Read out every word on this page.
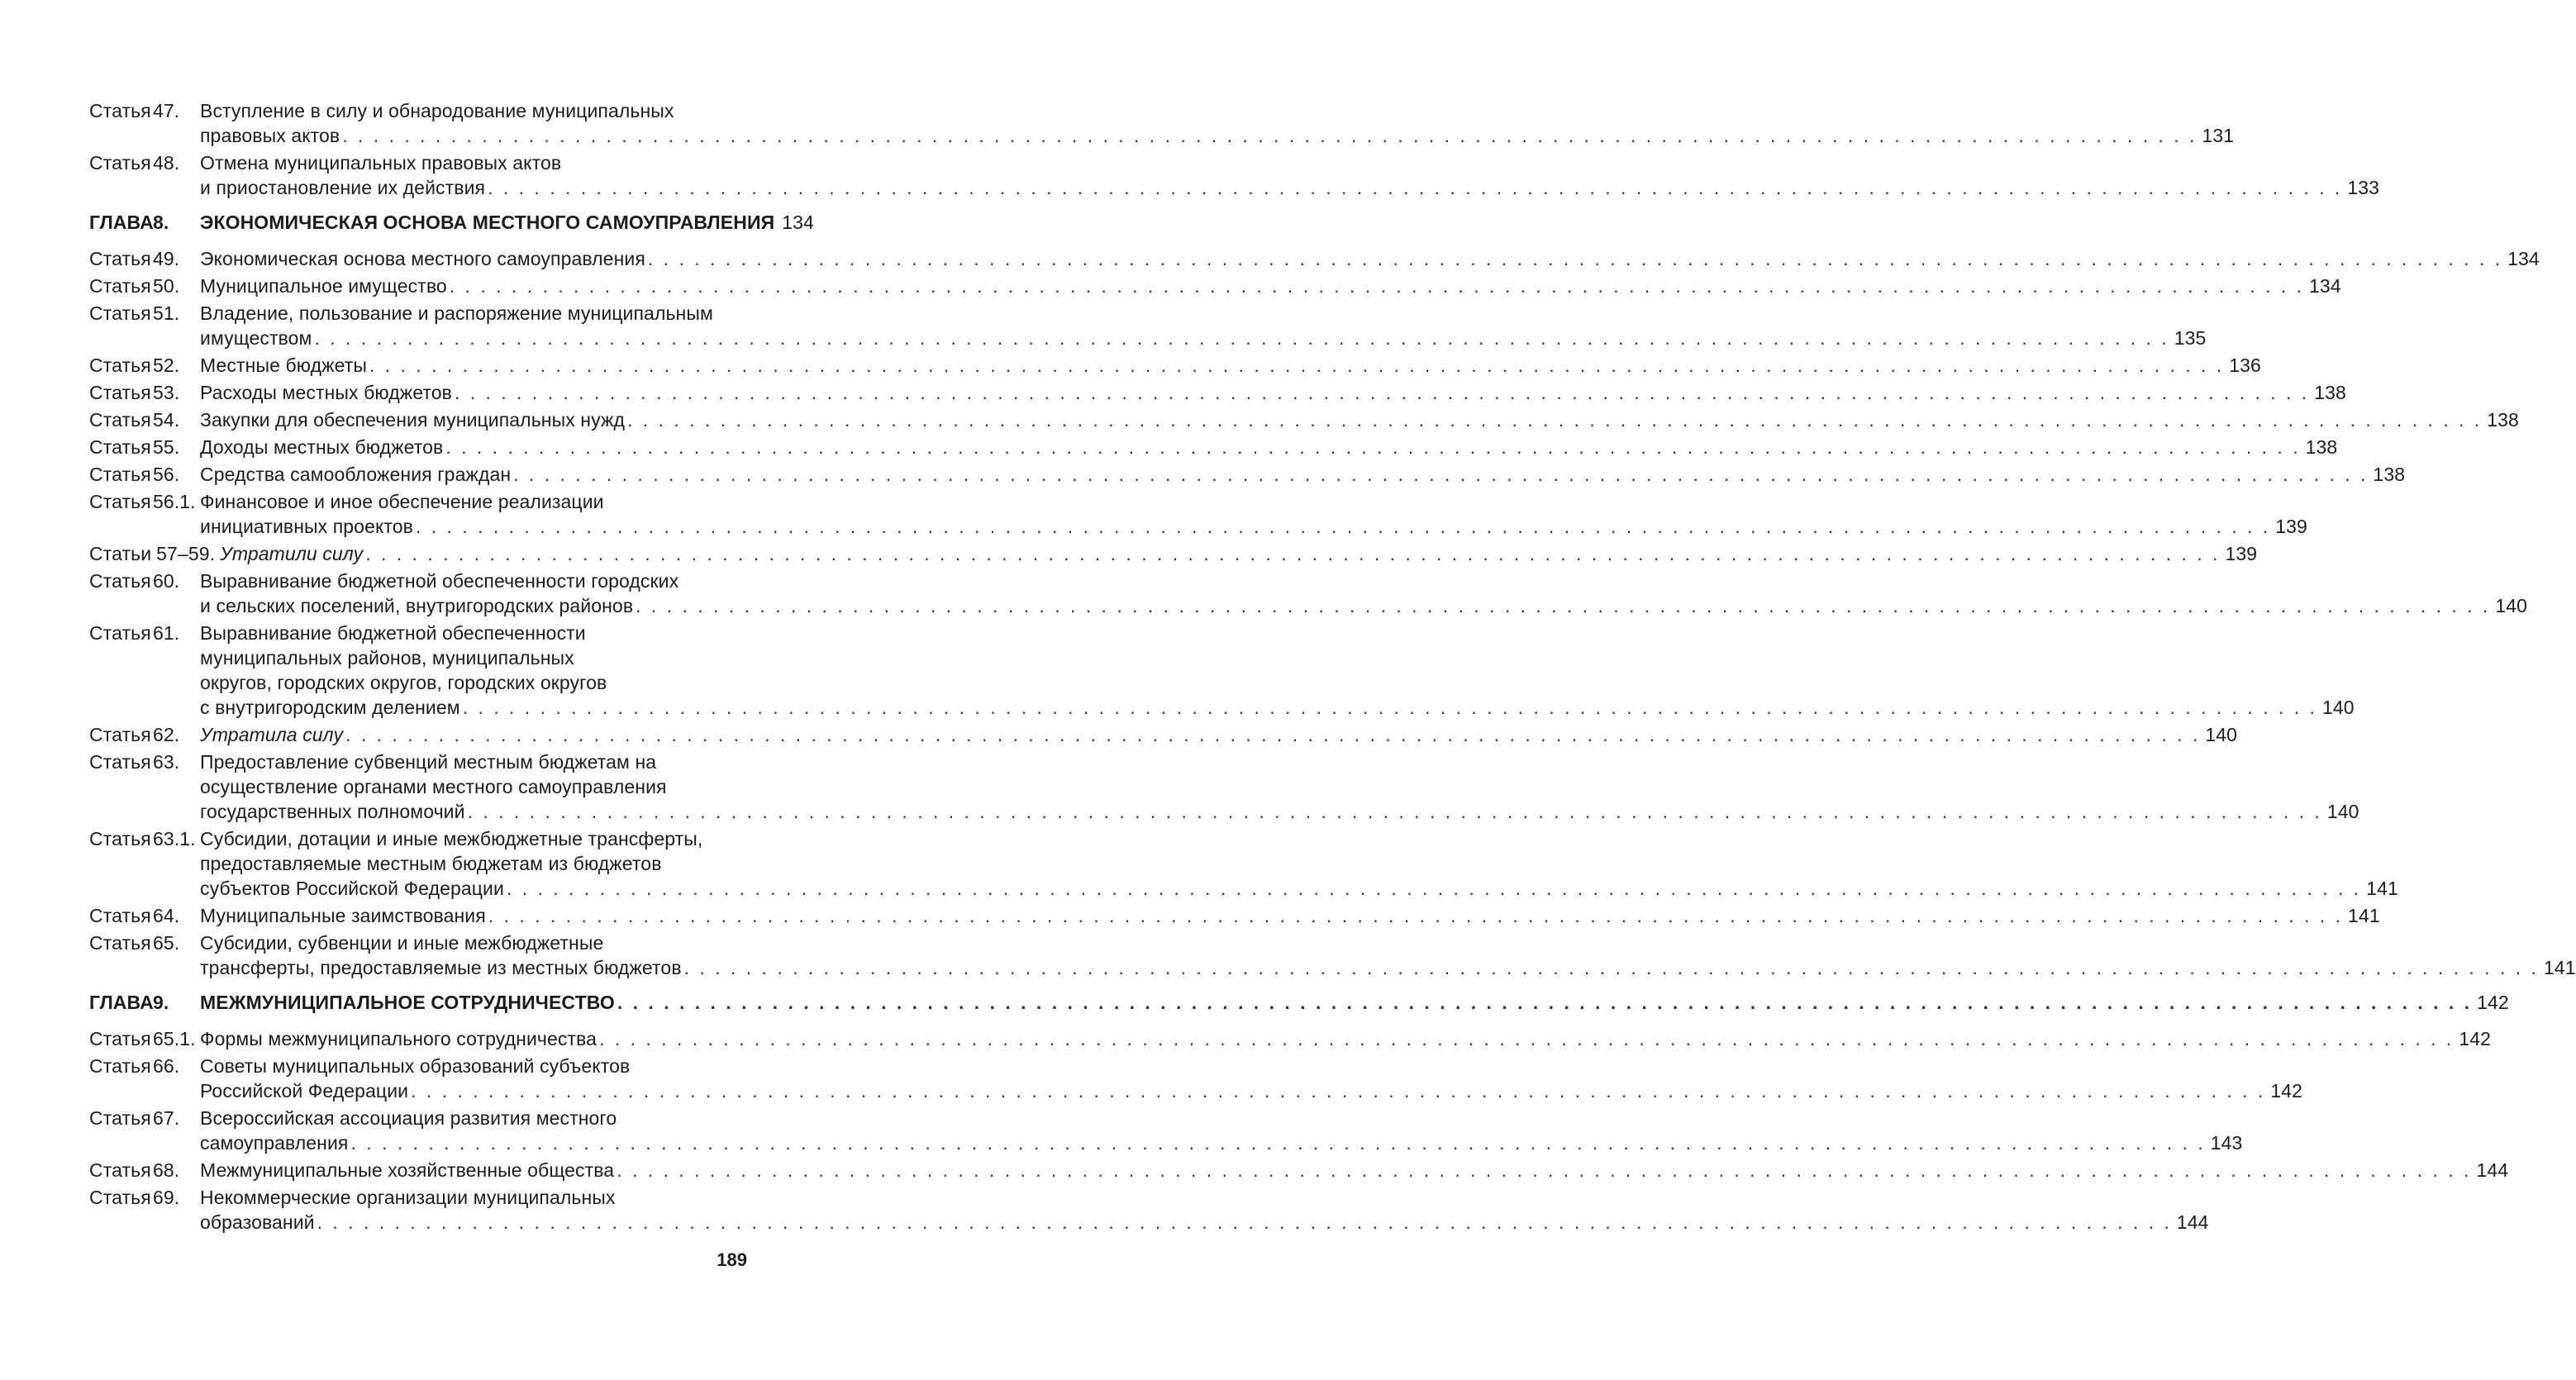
Статья 47. Вступление в силу и обнародование муниципальных
правовых актов . . . . . . . . . . . . . . . . . . . . . . . . . . . . . . . . . . . . . . . . . . . . . . . . . . . . . . . . . . . . . . . . . . . . . . . . . . . . . . . . . . . . . . . . . . . . . . . . . . . . . . . . . . . . . . . . . . . . . . . . 131
Статья 48. Отмена муниципальных правовых актов
и приостановление их действия . . . . . . . . . . . . . . . . . . . . . . . . . . . . . . . . . . . . . . . . . . . . . . . . . . . . . . . . . . . . . . . . . . . . . . . . . . . . . . . . . . . . . . . . . . . . . . . . . . . . . . . . . . . . . . . . . . . . . . . . 133
ГЛАВА 8. ЭКОНОМИЧЕСКАЯ ОСНОВА МЕСТНОГО САМОУПРАВЛЕНИЯ 134
Статья 49. Экономическая основа местного самоуправления . . . . . . . . . . . . . . . . . . . . . . . . . . . . . . . . . . . . . . . . . . . . . . . . . . . . . . . . . . . . . . . . . . . . . . . . . . . . . . . . . . . . . . . . . . . . . . . . . . . . . . . . . . . . . . . . . . . . . . . . 134
Статья 50. Муниципальное имущество . . . . . . . . . . . . . . . . . . . . . . . . . . . . . . . . . . . . . . . . . . . . . . . . . . . . . . . . . . . . . . . . . . . . . . . . . . . . . . . . . . . . . . . . . . . . . . . . . . . . . . . . . . . . . . . . . . . . . . . . 134
Статья 51. Владение, пользование и распоряжение муниципальным
имуществом . . . . . . . . . . . . . . . . . . . . . . . . . . . . . . . . . . . . . . . . . . . . . . . . . . . . . . . . . . . . . . . . . . . . . . . . . . . . . . . . . . . . . . . . . . . . . . . . . . . . . . . . . . . . . . . . . . . . . . . . 135
Статья 52. Местные бюджеты . . . . . . . . . . . . . . . . . . . . . . . . . . . . . . . . . . . . . . . . . . . . . . . . . . . . . . . . . . . . . . . . . . . . . . . . . . . . . . . . . . . . . . . . . . . . . . . . . . . . . . . . . . . . . . . . . . . . . . . . 136
Статья 53. Расходы местных бюджетов . . . . . . . . . . . . . . . . . . . . . . . . . . . . . . . . . . . . . . . . . . . . . . . . . . . . . . . . . . . . . . . . . . . . . . . . . . . . . . . . . . . . . . . . . . . . . . . . . . . . . . . . . . . . . . . . . . . . . . . . 138
Статья 54. Закупки для обеспечения муниципальных нужд . . . . . . . . . . . . . . . . . . . . . . . . . . . . . . . . . . . . . . . . . . . . . . . . . . . . . . . . . . . . . . . . . . . . . . . . . . . . . . . . . . . . . . . . . . . . . . . . . . . . . . . . . . . . . . . . . . . . . . . . 138
Статья 55. Доходы местных бюджетов . . . . . . . . . . . . . . . . . . . . . . . . . . . . . . . . . . . . . . . . . . . . . . . . . . . . . . . . . . . . . . . . . . . . . . . . . . . . . . . . . . . . . . . . . . . . . . . . . . . . . . . . . . . . . . . . . . . . . . . . 138
Статья 56. Средства самообложения граждан . . . . . . . . . . . . . . . . . . . . . . . . . . . . . . . . . . . . . . . . . . . . . . . . . . . . . . . . . . . . . . . . . . . . . . . . . . . . . . . . . . . . . . . . . . . . . . . . . . . . . . . . . . . . . . . . . . . . . . . . 138
Статья 56.1. Финансовое и иное обеспечение реализации
инициативных проектов . . . . . . . . . . . . . . . . . . . . . . . . . . . . . . . . . . . . . . . . . . . . . . . . . . . . . . . . . . . . . . . . . . . . . . . . . . . . . . . . . . . . . . . . . . . . . . . . . . . . . . . . . . . . . . . . . . . . . . . . 139
Статьи 57–59. Утратили силу . . . . . . . . . . . . . . . . . . . . . . . . . . . . . . . . . . . . . . . . . . . . . . . . . . . . . . . . . . . . . . . . . . . . . . . . . . . . . . . . . . . . . . . . . . . . . . . . . . . . . . . . . . . . . . . . . . . . . . . . 139
Статья 60. Выравнивание бюджетной обеспеченности городских
и сельских поселений, внутригородских районов . . . . . . . . . . . . . . . . . . . . . . . . . . . . . . . . . . . . . . . . . . . . . . . . . . . . . . . . . . . . . . . . . . . . . . . . . . . . . . . . . . . . . . . . . . . . . . . . . . . . . . . . . . . . . . . . . . . . . . . . 140
Статья 61. Выравнивание бюджетной обеспеченности
муниципальных районов, муниципальных
округов, городских округов, городских округов
с внутригородским делением . . . . . . . . . . . . . . . . . . . . . . . . . . . . . . . . . . . . . . . . . . . . . . . . . . . . . . . . . . . . . . . . . . . . . . . . . . . . . . . . . . . . . . . . . . . . . . . . . . . . . . . . . . . . . . . . . . . . . . . . 140
Статья 62. Утратила силу . . . . . . . . . . . . . . . . . . . . . . . . . . . . . . . . . . . . . . . . . . . . . . . . . . . . . . . . . . . . . . . . . . . . . . . . . . . . . . . . . . . . . . . . . . . . . . . . . . . . . . . . . . . . . . . . . . . . . . . . 140
Статья 63. Предоставление субвенций местным бюджетам на
осуществление органами местного самоуправления
государственных полномочий . . . . . . . . . . . . . . . . . . . . . . . . . . . . . . . . . . . . . . . . . . . . . . . . . . . . . . . . . . . . . . . . . . . . . . . . . . . . . . . . . . . . . . . . . . . . . . . . . . . . . . . . . . . . . . . . . . . . . . . . 140
Статья 63.1. Субсидии, дотации и иные межбюджетные трансферты,
предоставляемые местным бюджетам из бюджетов
субъектов Российской Федерации . . . . . . . . . . . . . . . . . . . . . . . . . . . . . . . . . . . . . . . . . . . . . . . . . . . . . . . . . . . . . . . . . . . . . . . . . . . . . . . . . . . . . . . . . . . . . . . . . . . . . . . . . . . . . . . . . . . . . . . . 141
Статья 64. Муниципальные заимствования . . . . . . . . . . . . . . . . . . . . . . . . . . . . . . . . . . . . . . . . . . . . . . . . . . . . . . . . . . . . . . . . . . . . . . . . . . . . . . . . . . . . . . . . . . . . . . . . . . . . . . . . . . . . . . . . . . . . . . . . 141
Статья 65. Субсидии, субвенции и иные межбюджетные
трансферты, предоставляемые из местных бюджетов . . . . . . . . . . . . . . . . . . . . . . . . . . . . . . . . . . . . . . . . . . . . . . . . . . . . . . . . . . . . . . . . . . . . . . . . . . . . . . . . . . . . . . . . . . . . . . . . . . . . . . . . . . . . . . . . . . . . . . . . 141
ГЛАВА 9. МЕЖМУНИЦИПАЛЬНОЕ СОТРУДНИЧЕСТВО . . . . . . . . . . . . . . . . . . . . . . . . . . . . . . . . . . . . . . . . . . . . . . . . . . . . . . . . . . . . . . . . . . . . . . . . . . . . . . . . . . . . . . . . . . . . . . . . . . . . . . . . . . . . . . . . . . . . . . . . 142
Статья 65.1. Формы межмуниципального сотрудничества . . . . . . . . . . . . . . . . . . . . . . . . . . . . . . . . . . . . . . . . . . . . . . . . . . . . . . . . . . . . . . . . . . . . . . . . . . . . . . . . . . . . . . . . . . . . . . . . . . . . . . . . . . . . . . . . . . . . . . . . 142
Статья 66. Советы муниципальных образований субъектов
Российской Федерации . . . . . . . . . . . . . . . . . . . . . . . . . . . . . . . . . . . . . . . . . . . . . . . . . . . . . . . . . . . . . . . . . . . . . . . . . . . . . . . . . . . . . . . . . . . . . . . . . . . . . . . . . . . . . . . . . . . . . . . . 142
Статья 67. Всероссийская ассоциация развития местного
самоуправления . . . . . . . . . . . . . . . . . . . . . . . . . . . . . . . . . . . . . . . . . . . . . . . . . . . . . . . . . . . . . . . . . . . . . . . . . . . . . . . . . . . . . . . . . . . . . . . . . . . . . . . . . . . . . . . . . . . . . . . . 143
Статья 68. Межмуниципальные хозяйственные общества . . . . . . . . . . . . . . . . . . . . . . . . . . . . . . . . . . . . . . . . . . . . . . . . . . . . . . . . . . . . . . . . . . . . . . . . . . . . . . . . . . . . . . . . . . . . . . . . . . . . . . . . . . . . . . . . . . . . . . . . 144
Статья 69. Некоммерческие организации муниципальных
образований . . . . . . . . . . . . . . . . . . . . . . . . . . . . . . . . . . . . . . . . . . . . . . . . . . . . . . . . . . . . . . . . . . . . . . . . . . . . . . . . . . . . . . . . . . . . . . . . . . . . . . . . . . . . . . . . . . . . . . . . 144
189
